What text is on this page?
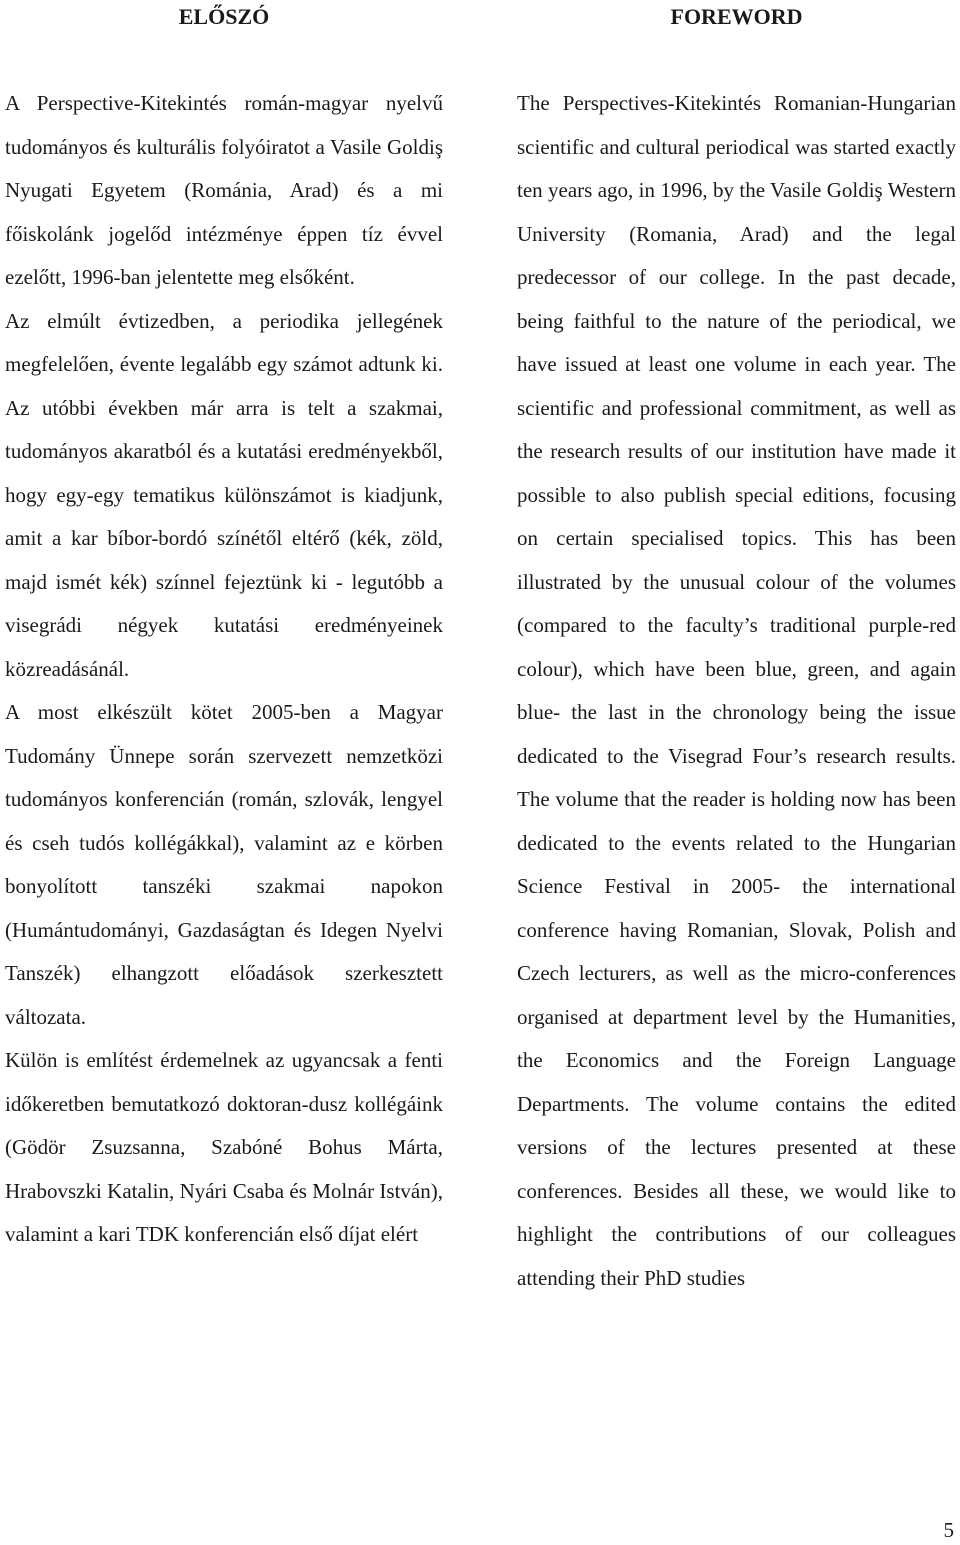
ELŐSZÓ

A Perspective-Kitekintés román-magyar nyelvű tudományos és kulturális folyóiratot a Vasile Goldiş Nyugati Egyetem (Románia, Arad) és a mi főiskolánk jogelőd intézménye éppen tíz évvel ezelőtt, 1996-ban jelentette meg elsőként.

Az elmúlt évtizedben, a periodika jellegének megfelelően, évente legalább egy számot adtunk ki. Az utóbbi években már arra is telt a szakmai, tudományos akaratból és a kutatási eredményekből, hogy egy-egy tematikus különszámot is kiadjunk, amit a kar bíbor-bordó színétől eltérő (kék, zöld, majd ismét kék) színnel fejeztünk ki - legutóbb a visegrádi négyek kutatási eredményeinek közreadásánál.

A most elkészült kötet 2005-ben a Magyar Tudomány Ünnepe során szervezett nemzetközi tudományos konferencián (román, szlovák, lengyel és cseh tudós kollégákkal), valamint az e körben bonyolított tanszéki szakmai napokon (Humántudományi, Gazdaságtan és Idegen Nyelvi Tanszék) elhangzott előadások szerkesztett változata.

Külön is említést érdemelnek az ugyancsak a fenti időkeretben bemutatkozó doktoran-dusz kollégáink (Gödör Zsuzsanna, Szabóné Bohus Márta, Hrabovszki Katalin, Nyári Csaba és Molnár István), valamint a kari TDK konferencián első díjat elért

FOREWORD

The Perspectives-Kitekintés Romanian-Hungarian scientific and cultural periodical was started exactly ten years ago, in 1996, by the Vasile Goldiş Western University (Romania, Arad) and the legal predecessor of our college. In the past decade, being faithful to the nature of the periodical, we have issued at least one volume in each year. The scientific and professional commitment, as well as the research results of our institution have made it possible to also publish special editions, focusing on certain specialised topics. This has been illustrated by the unusual colour of the volumes (compared to the faculty’s traditional purple-red colour), which have been blue, green, and again blue- the last in the chronology being the issue dedicated to the Visegrad Four’s research results. The volume that the reader is holding now has been dedicated to the events related to the Hungarian Science Festival in 2005- the international conference having Romanian, Slovak, Polish and Czech lecturers, as well as the micro-conferences organised at department level by the Humanities, the Economics and the Foreign Language Departments. The volume contains the edited versions of the lectures presented at these conferences. Besides all these, we would like to highlight the contributions of our colleagues attending their PhD studies

5
